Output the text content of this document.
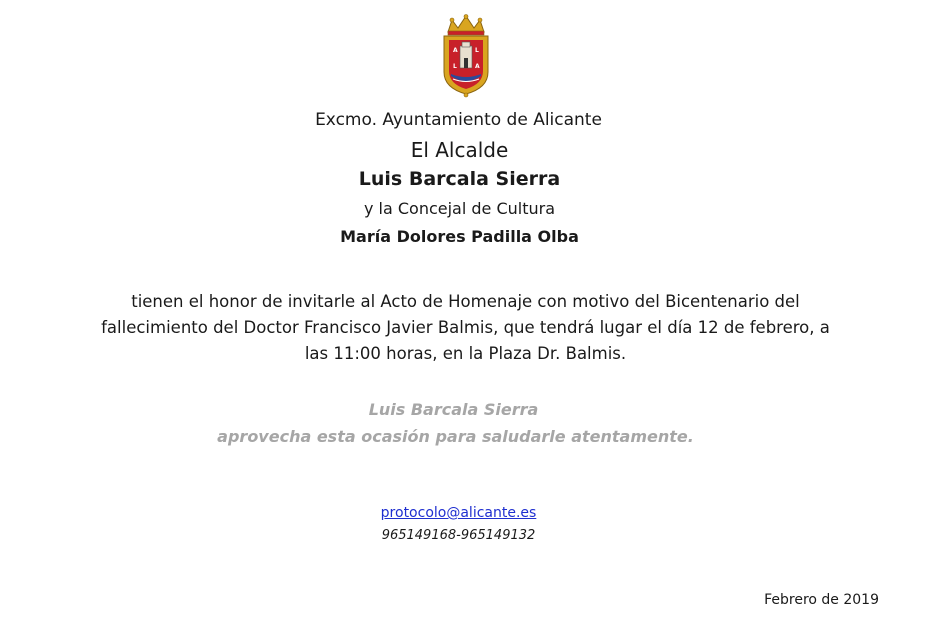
A	L
L	A
Excmo. Ayuntamiento de Alicante
El Alcalde
Luis Barcala Sierra
y la Concejal de Cultura
María Dolores Padilla Olba
tienen el honor de invitarle al Acto de Homenaje con motivo del Bicentenario del
fallecimiento del Doctor Francisco Javier Balmis, que tendrá lugar el día 12 de febrero, a
las 11:00 horas, en la Plaza Dr. Balmis.
Luis Barcala Sierra
aprovecha esta ocasión para saludarle atentamente.
protocolo@alicante.es
965149168-965149132
Febrero de 2019
